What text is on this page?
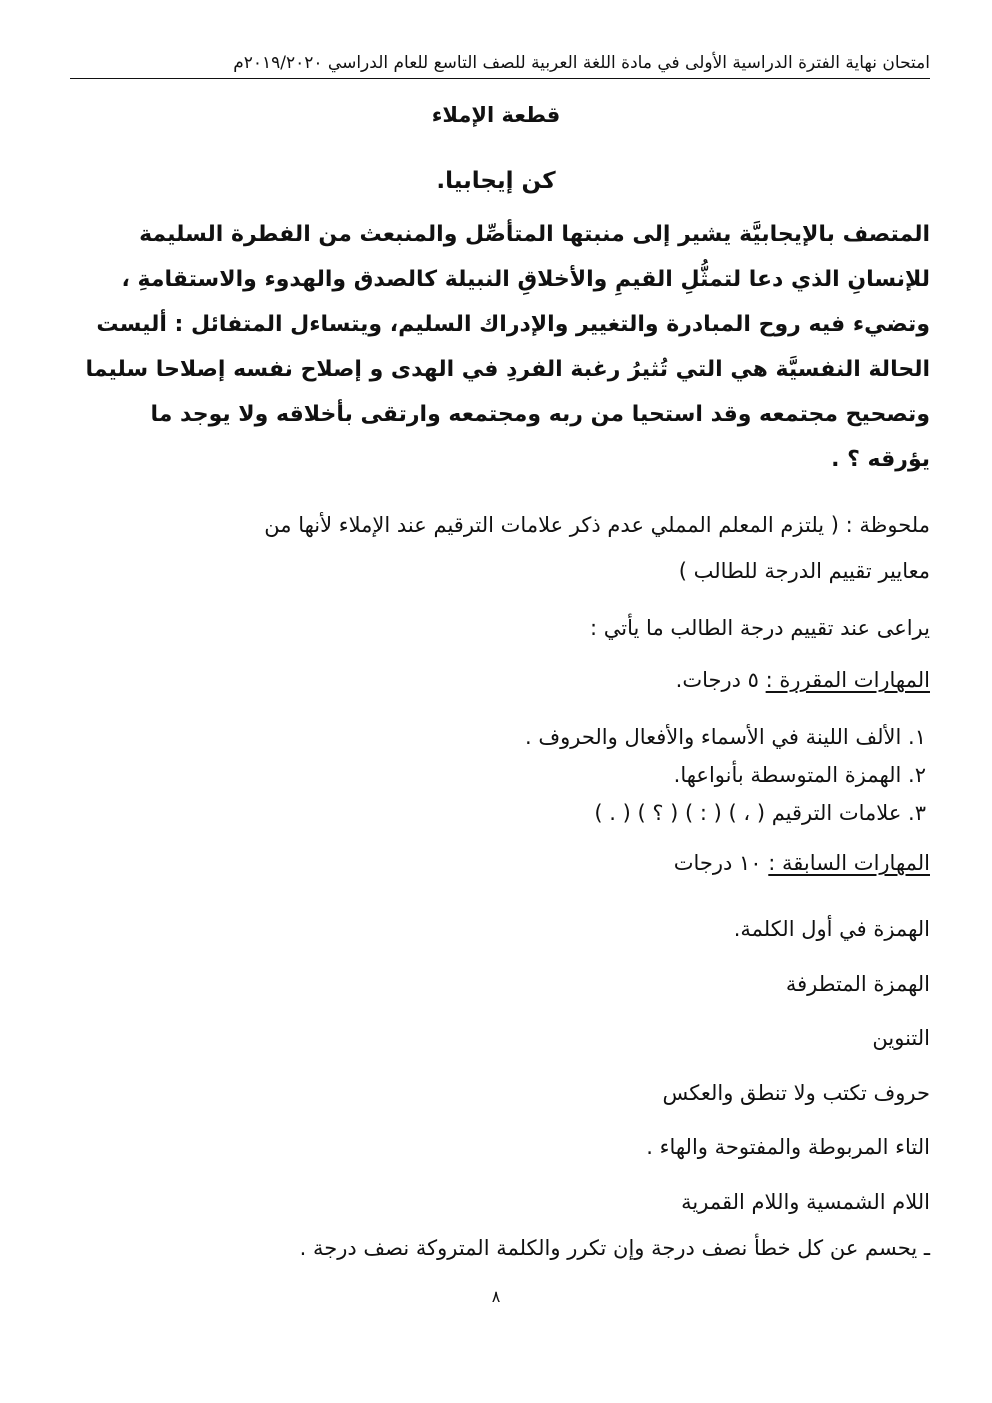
امتحان نهاية الفترة الدراسية الأولى في مادة اللغة العربية للصف التاسع للعام الدراسي ٢٠١٩/٢٠٢٠م
قطعة الإملاء
كن إيجابيا.
المتصف بالإيجابيَّة يشير إلى منبتها المتأصِّل والمنبعث من الفطرة السليمة
للإنسانِ الذي دعا لتمثُّلِ القيمِ والأخلاقِ النبيلة كالصدق والهدوء والاستقامةِ ،
وتضيء فيه روح المبادرة والتغيير والإدراك السليم، ويتساءل المتفائل : أليست
الحالة النفسيَّة هي التي تُثيرُ رغبة الفردِ في الهدى و إصلاح نفسه إصلاحا سليما
وتصحيح مجتمعه وقد استحيا من ربه ومجتمعه وارتقى بأخلاقه ولا يوجد ما
يؤرقه ؟ .
ملحوظة : ( يلتزم المعلم المملي عدم ذكر علامات الترقيم عند الإملاء لأنها من
معايير تقييم الدرجة للطالب )
يراعى عند تقييم درجة الطالب ما يأتي :
المهارات المقررة : ٥ درجات.
١. الألف اللينة في الأسماء والأفعال والحروف .
٢. الهمزة المتوسطة بأنواعها.
٣. علامات الترقيم ( ، ) ( : ) ( ؟ ) ( . )
المهارات السابقة : ١٠ درجات
الهمزة في أول الكلمة.
الهمزة المتطرفة
التنوين
حروف تكتب ولا تنطق والعكس
التاء المربوطة والمفتوحة والهاء .
اللام الشمسية واللام القمرية
ـ يحسم عن كل خطأ نصف درجة وإن تكرر والكلمة المتروكة نصف درجة .
٨
